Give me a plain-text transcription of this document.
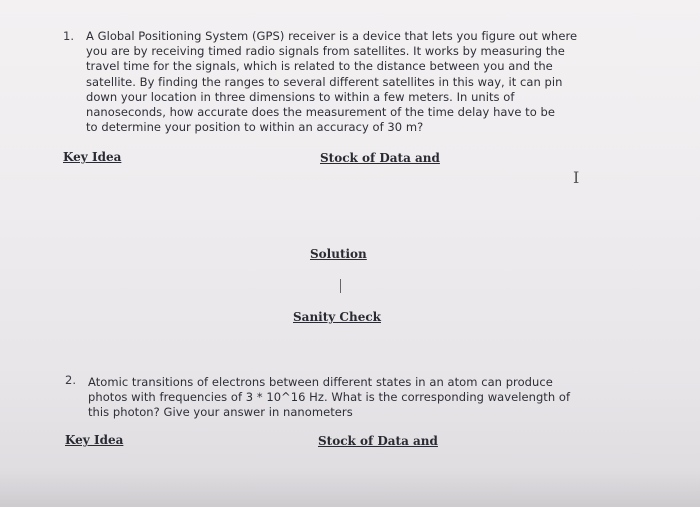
1. A Global Positioning System (GPS) receiver is a device that lets you figure out where
you are by receiving timed radio signals from satellites. It works by measuring the
travel time for the signals, which is related to the distance between you and the
satellite. By finding the ranges to several different satellites in this way, it can pin
down your location in three dimensions to within a few meters. In units of
nanoseconds, how accurate does the measurement of the time delay have to be
to determine your position to within an accuracy of 30 m?
Key Idea	Stock of Data and
I
Solution
Sanity Check
2. Atomic transitions of electrons between different states in an atom can produce
photos with frequencies of 3 * 10^16 Hz. What is the corresponding wavelength of
this photon? Give your answer in nanometers
Key Idea	Stock of Data and
